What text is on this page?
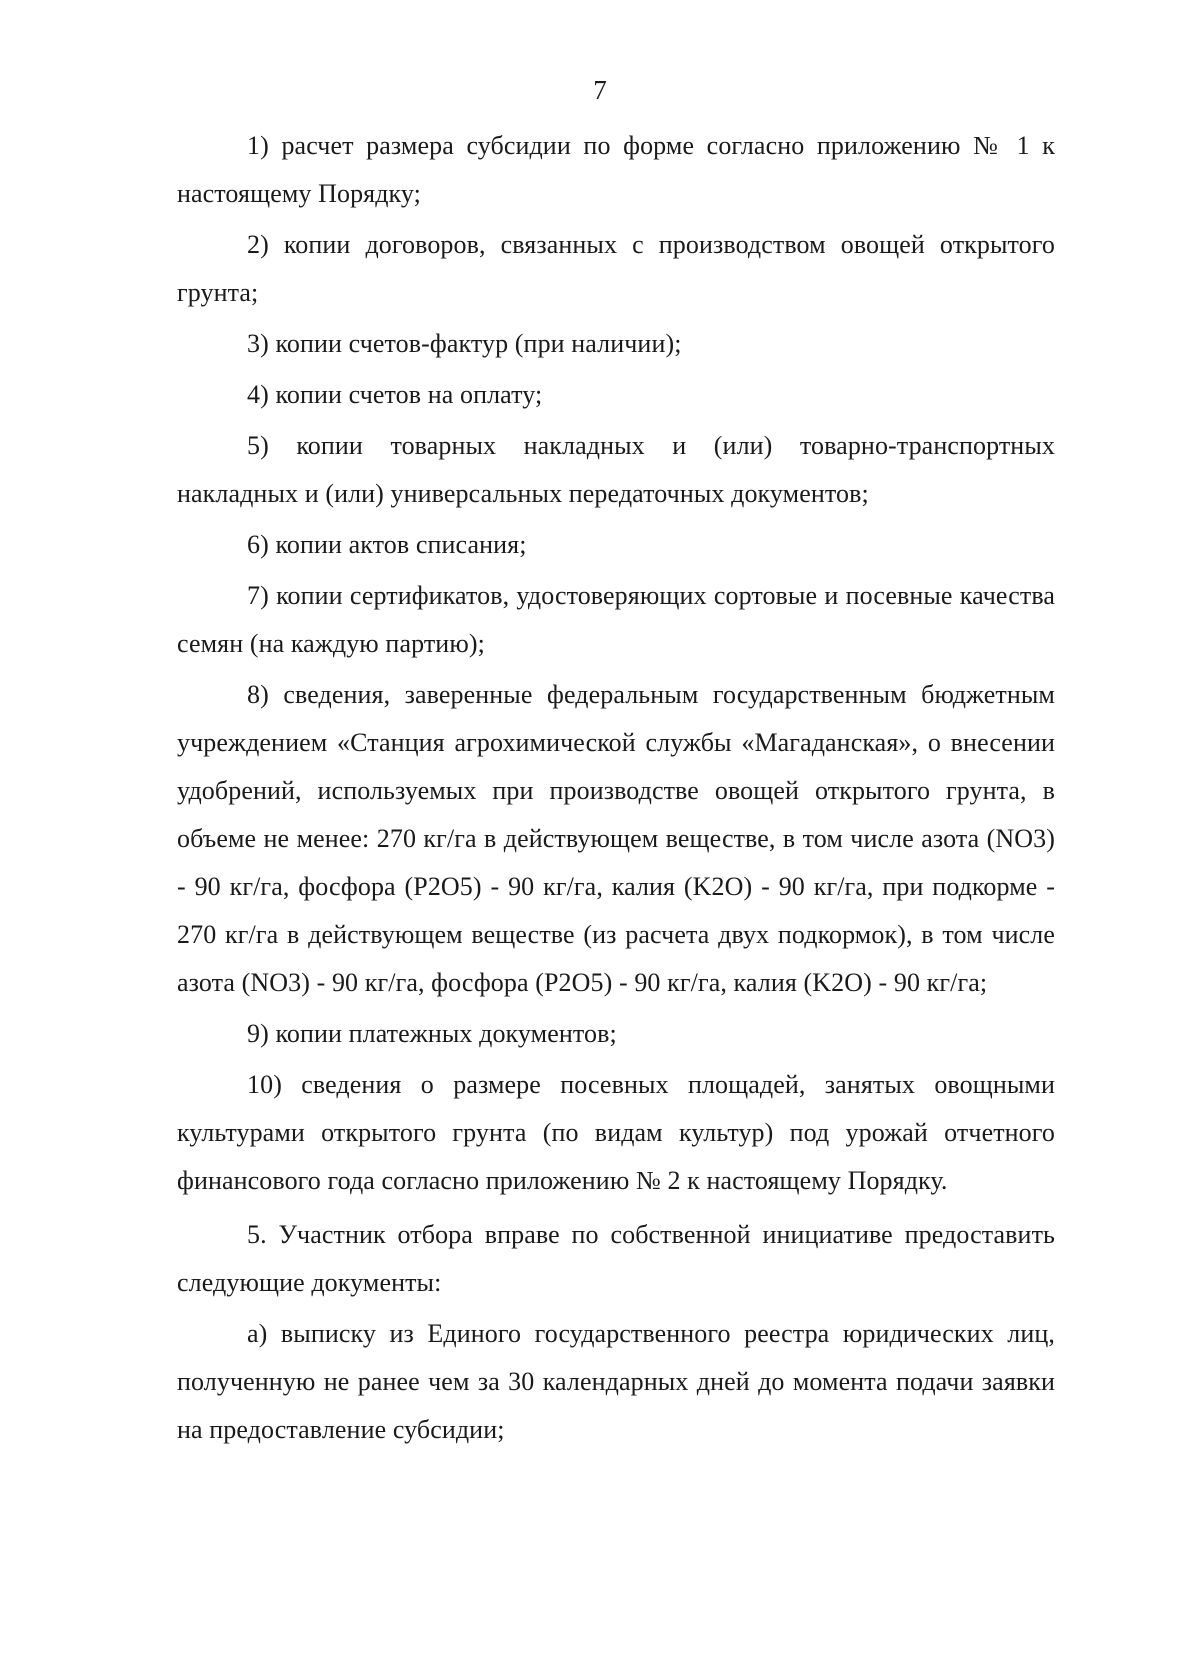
7

1) расчет размера субсидии по форме согласно приложению № 1 к настоящему Порядку;

2) копии договоров, связанных с производством овощей открытого грунта;

3) копии счетов-фактур (при наличии);

4) копии счетов на оплату;

5) копии товарных накладных и (или) товарно-транспортных накладных и (или) универсальных передаточных документов;

6) копии актов списания;

7) копии сертификатов, удостоверяющих сортовые и посевные качества семян (на каждую партию);

8) сведения, заверенные федеральным государственным бюджетным учреждением «Станция агрохимической службы «Магаданская», о внесении удобрений, используемых при производстве овощей открытого грунта, в объеме не менее: 270 кг/га в действующем веществе, в том числе азота (NO3) - 90 кг/га, фосфора (P2O5) - 90 кг/га, калия (K2O) - 90 кг/га, при подкорме - 270 кг/га в действующем веществе (из расчета двух подкормок), в том числе азота (NO3) - 90 кг/га, фосфора (P2O5) - 90 кг/га, калия (K2O) - 90 кг/га;

9) копии платежных документов;

10) сведения о размере посевных площадей, занятых овощными культурами открытого грунта (по видам культур) под урожай отчетного финансового года согласно приложению № 2 к настоящему Порядку.

5. Участник отбора вправе по собственной инициативе предоставить следующие документы:

а) выписку из Единого государственного реестра юридических лиц, полученную не ранее чем за 30 календарных дней до момента подачи заявки на предоставление субсидии;
